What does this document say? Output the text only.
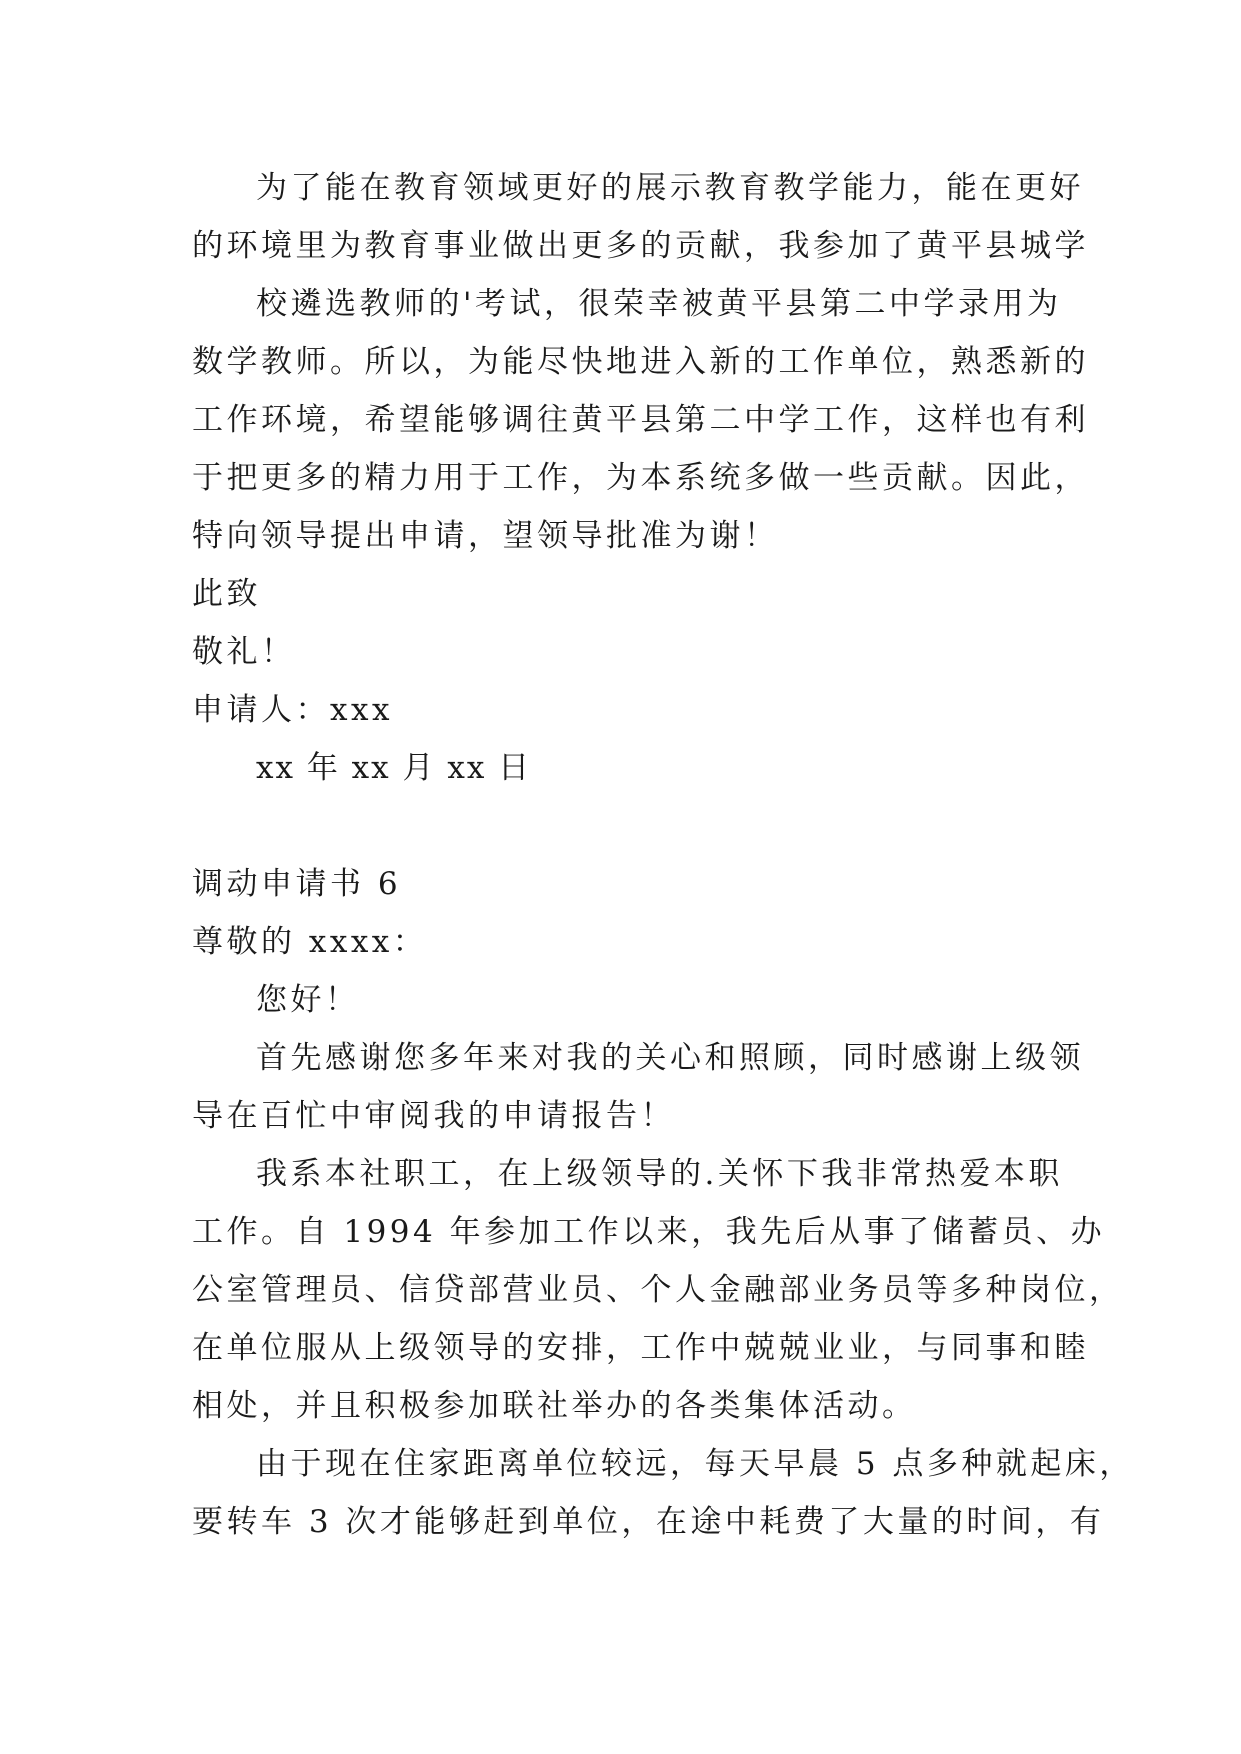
为了能在教育领域更好的展示教育教学能力，能在更好
的环境里为教育事业做出更多的贡献，我参加了黄平县城学
校遴选教师的'考试，很荣幸被黄平县第二中学录用为
数学教师。所以，为能尽快地进入新的工作单位，熟悉新的
工作环境，希望能够调往黄平县第二中学工作，这样也有利
于把更多的精力用于工作，为本系统多做一些贡献。因此，
特向领导提出申请，望领导批准为谢！
此致
敬礼！
申请人：xxx
xx 年 xx 月 xx 日
调动申请书 6
尊敬的 xxxx：
您好！
首先感谢您多年来对我的关心和照顾，同时感谢上级领
导在百忙中审阅我的申请报告！
我系本社职工，在上级领导的.关怀下我非常热爱本职
工作。自 1994 年参加工作以来，我先后从事了储蓄员、办
公室管理员、信贷部营业员、个人金融部业务员等多种岗位，
在单位服从上级领导的安排，工作中兢兢业业，与同事和睦
相处，并且积极参加联社举办的各类集体活动。
由于现在住家距离单位较远，每天早晨 5 点多种就起床，
要转车 3 次才能够赶到单位，在途中耗费了大量的时间，有
